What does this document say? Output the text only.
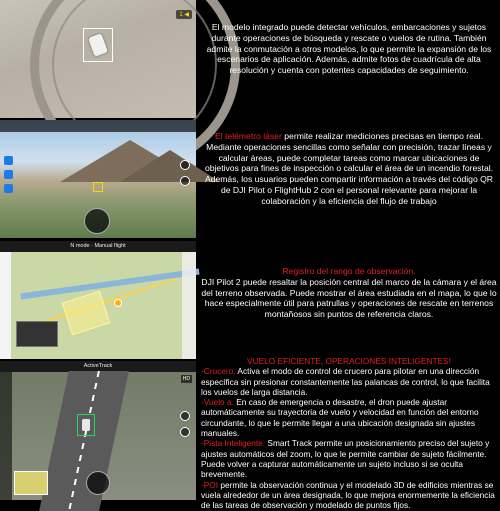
1 ◀
El modelo integrado puede detectar vehículos, embarcaciones y sujetos durante operaciones de búsqueda y rescate o vuelos de rutina. También admite la conmutación a otros modelos, lo que permite la expansión de los escenarios de aplicación. Además, admite fotos de cuadrícula de alta resolución y cuenta con potentes capacidades de seguimiento.
El telémetro láser permite realizar mediciones precisas en tiempo real. Mediante operaciones sencillas como señalar con precisión, trazar líneas y calcular áreas, puede completar tareas como marcar ubicaciones de objetivos para fines de inspección o calcular el área de un incendio forestal. Además, los usuarios pueden compartir información a través del código QR de DJI Pilot o FlightHub 2 con el personal relevante para mejorar la colaboración y la eficiencia del flujo de trabajo
N mode · Manual flight
Registro del rango de observación.
DJI Pilot 2 puede resaltar la posición central del marco de la cámara y el área del terreno observada. Puede mostrar el área estudiada en el mapa, lo que lo hace especialmente útil para patrullas y operaciones de rescate en terrenos montañosos sin puntos de referencia claros.
ActiveTrack
HD
VUELO EFICIENTE, OPERACIONES INTELIGENTES!
-Crucero. Activa el modo de control de crucero para pilotar en una dirección específica sin presionar constantemente las palancas de control, lo que facilita los vuelos de larga distancia.
-Vuelo a. En caso de emergencia o desastre, el dron puede ajustar automáticamente su trayectoria de vuelo y velocidad en función del entorno circundante, lo que le permite llegar a una ubicación designada sin ajustes manuales.
-Pista Inteligente: Smart Track permite un posicionamiento preciso del sujeto y ajustes automáticos del zoom, lo que le permite cambiar de sujeto fácilmente. Puede volver a capturar automáticamente un sujeto incluso si se oculta brevemente.
-POI permite la observación continua y el modelado 3D de edificios mientras se vuela alrededor de un área designada, lo que mejora enormemente la eficiencia de las tareas de observación y modelado de puntos fijos.
